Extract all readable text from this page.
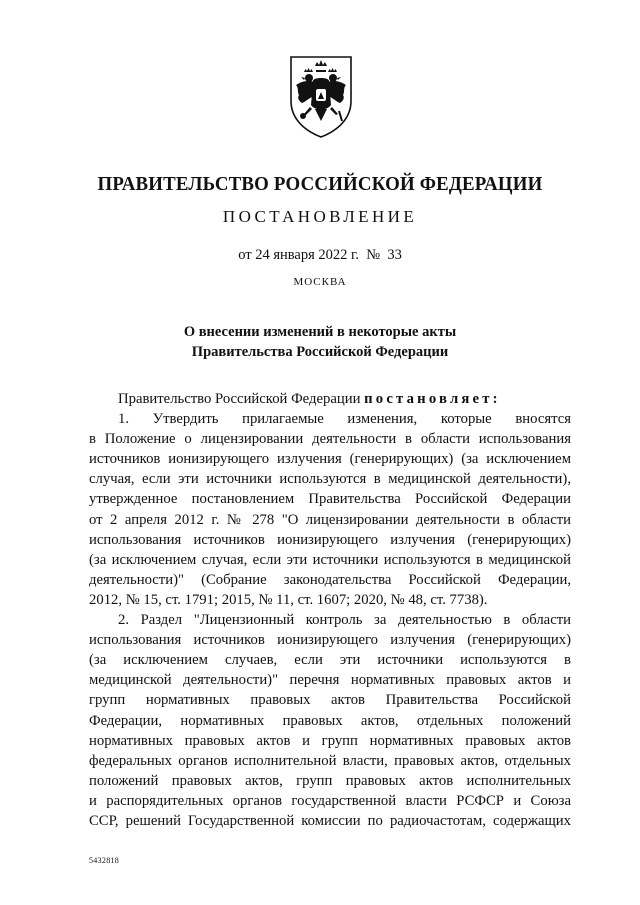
ПРАВИТЕЛЬСТВО РОССИЙСКОЙ ФЕДЕРАЦИИ
ПОСТАНОВЛЕНИЕ
от 24 января 2022 г. № 33
МОСКВА
О внесении изменений в некоторые акты
Правительства Российской Федерации
Правительство Российской Федерации постановляет:
1. Утвердить прилагаемые изменения, которые вносятся
в Положение о лицензировании деятельности в области использования
источников ионизирующего излучения (генерирующих) (за исключением
случая, если эти источники используются в медицинской деятельности),
утвержденное постановлением Правительства Российской Федерации
от 2 апреля 2012 г. № 278 "О лицензировании деятельности в области
использования источников ионизирующего излучения (генерирующих)
(за исключением случая, если эти источники используются в медицинской
деятельности)" (Собрание законодательства Российской Федерации,
2012, № 15, ст. 1791; 2015, № 11, ст. 1607; 2020, № 48, ст. 7738).
2. Раздел "Лицензионный контроль за деятельностью в области
использования источников ионизирующего излучения (генерирующих)
(за исключением случаев, если эти источники используются в
медицинской деятельности)" перечня нормативных правовых актов и
групп нормативных правовых актов Правительства Российской
Федерации, нормативных правовых актов, отдельных положений
нормативных правовых актов и групп нормативных правовых актов
федеральных органов исполнительной власти, правовых актов, отдельных
положений правовых актов, групп правовых актов исполнительных
и распорядительных органов государственной власти РСФСР и Союза
ССР, решений Государственной комиссии по радиочастотам, содержащих
5432818
